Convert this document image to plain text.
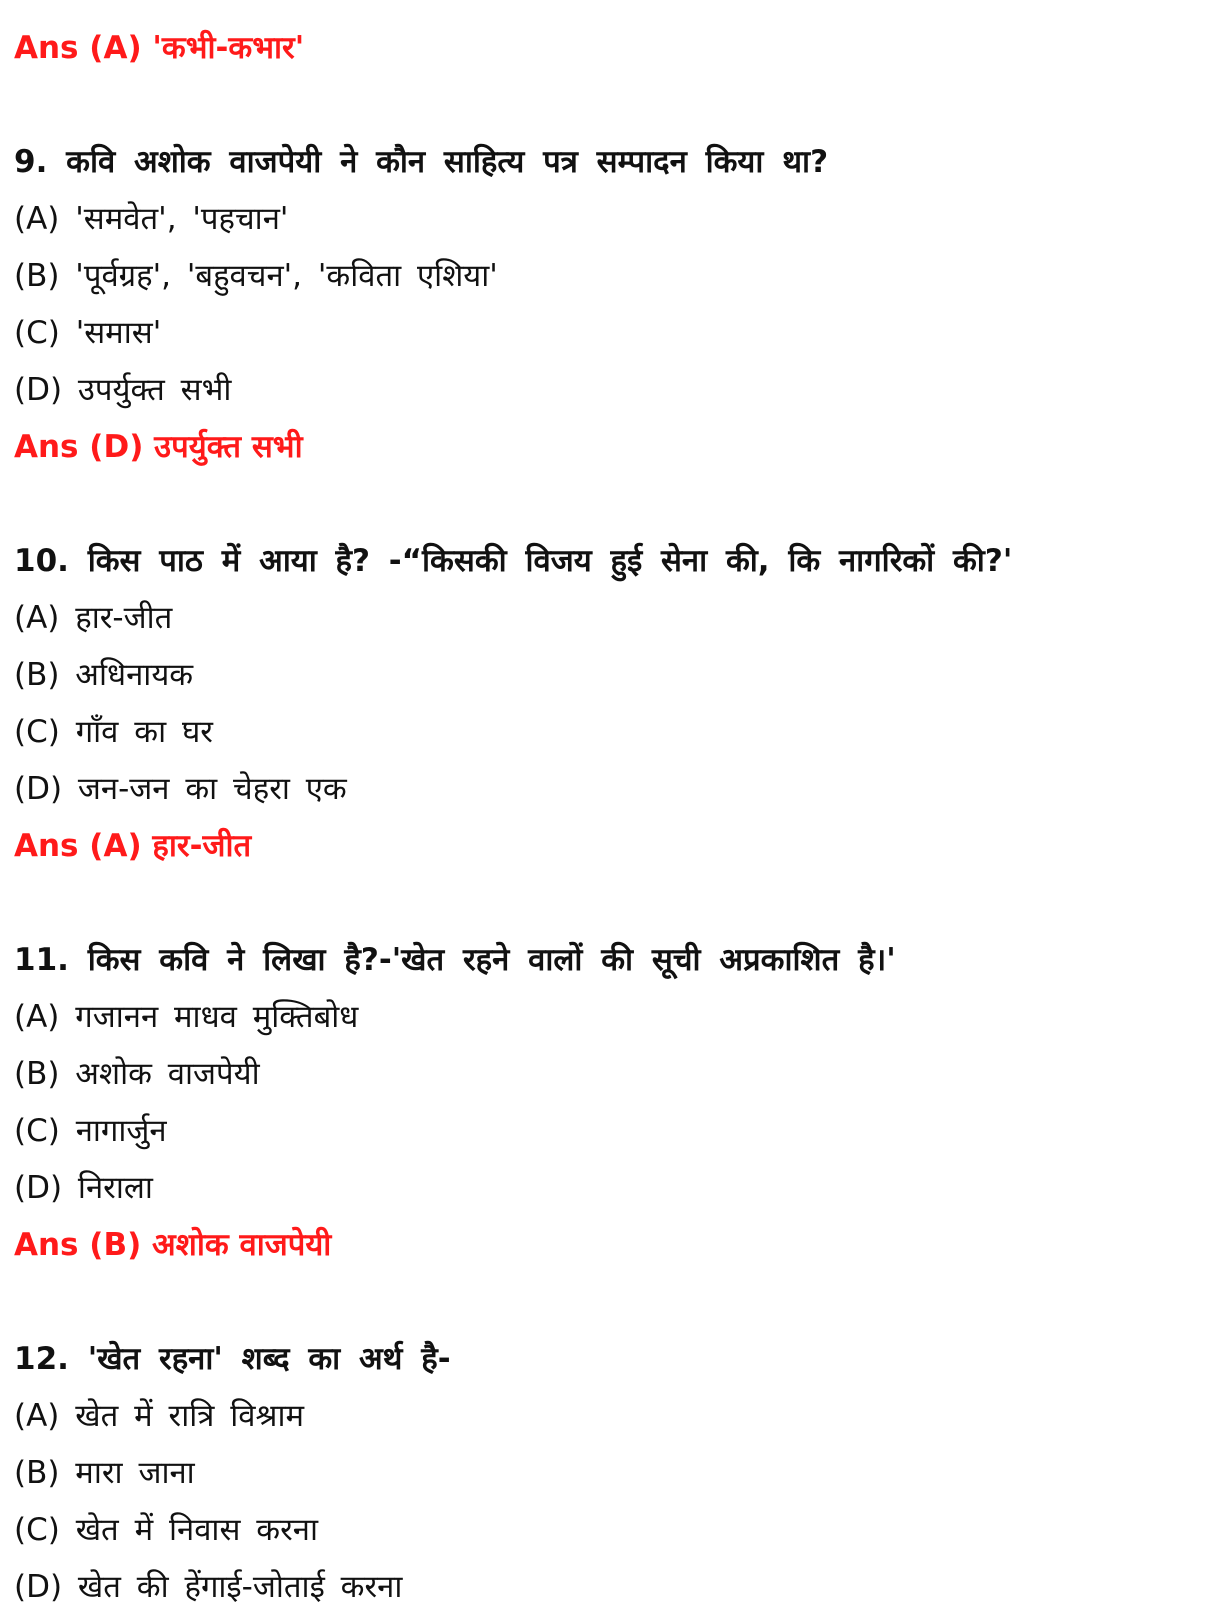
Ans (A) 'कभी-कभार'
9. कवि अशोक वाजपेयी ने कौन साहित्य पत्र सम्पादन किया था?
(A) 'समवेत', 'पहचान'
(B) 'पूर्वग्रह', 'बहुवचन', 'कविता एशिया'
(C) 'समास'
(D) उपर्युक्त सभी
Ans (D) उपर्युक्त सभी
10. किस पाठ में आया है? -“किसकी विजय हुई सेना की, कि नागरिकों की?'
(A) हार-जीत
(B) अधिनायक
(C) गाँव का घर
(D) जन-जन का चेहरा एक
Ans (A) हार-जीत
11. किस कवि ने लिखा है?-'खेत रहने वालों की सूची अप्रकाशित है।'
(A) गजानन माधव मुक्तिबोध
(B) अशोक वाजपेयी
(C) नागार्जुन
(D) निराला
Ans (B) अशोक वाजपेयी
12. 'खेत रहना' शब्द का अर्थ है-
(A) खेत में रात्रि विश्राम
(B) मारा जाना
(C) खेत में निवास करना
(D) खेत की हेंगाई-जोताई करना
